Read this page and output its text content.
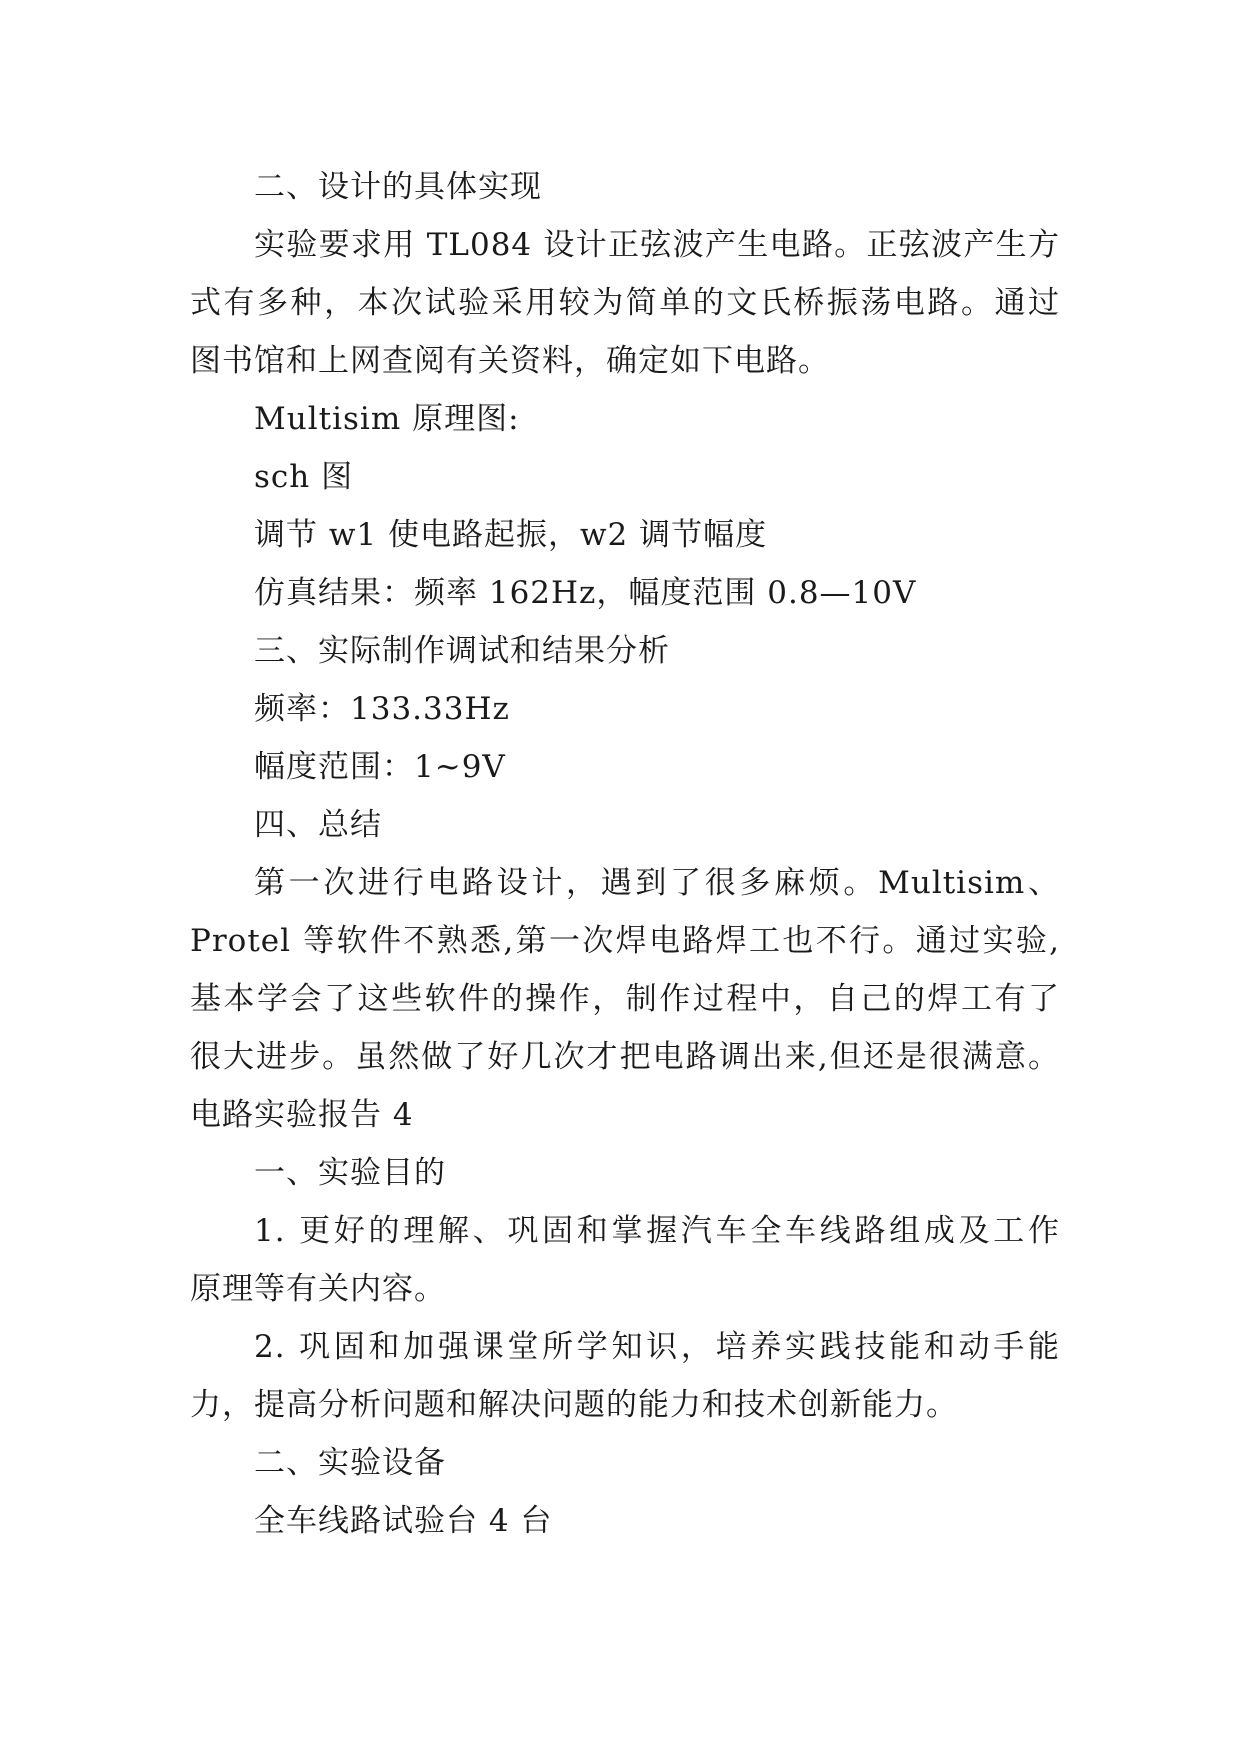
二、设计的具体实现
实验要求用 TL084 设计正弦波产生电路。正弦波产生方
式有多种，本次试验采用较为简单的文氏桥振荡电路。通过
图书馆和上网查阅有关资料，确定如下电路。
Multisim 原理图:
sch 图
调节 w1 使电路起振，w2 调节幅度
仿真结果：频率 162Hz，幅度范围 0.8—10V
三、实际制作调试和结果分析
频率：133.33Hz
幅度范围：1~9V
四、总结
第一次进行电路设计，遇到了很多麻烦。Multisim、
Protel 等软件不熟悉,第一次焊电路焊工也不行。通过实验,
基本学会了这些软件的操作，制作过程中，自己的焊工有了
很大进步。虽然做了好几次才把电路调出来,但还是很满意。
电路实验报告 4
一、实验目的
1. 更好的理解、巩固和掌握汽车全车线路组成及工作
原理等有关内容。
2. 巩固和加强课堂所学知识，培养实践技能和动手能
力，提高分析问题和解决问题的能力和技术创新能力。
二、实验设备
全车线路试验台 4 台
